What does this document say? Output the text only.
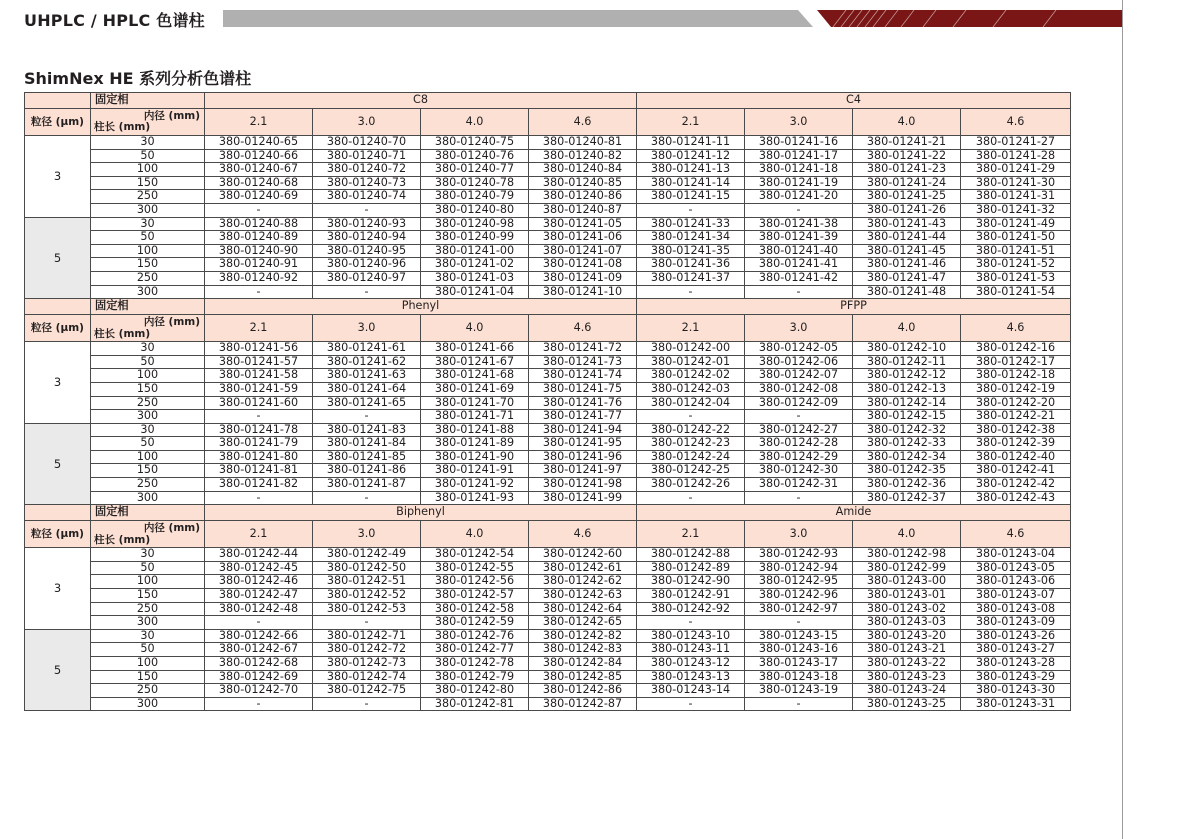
UHPLC / HPLC 色谱柱
ShimNex HE 系列分析色谱柱
	固定相	C8				C4			
粒径 (µm)	内径 (mm)
柱长 (mm)	2.1	3.0	4.0	4.6	2.1	3.0	4.0	4.6
3	30	380-01240-65	380-01240-70	380-01240-75	380-01240-81	380-01241-11	380-01241-16	380-01241-21	380-01241-27
	50	380-01240-66	380-01240-71	380-01240-76	380-01240-82	380-01241-12	380-01241-17	380-01241-22	380-01241-28
	100	380-01240-67	380-01240-72	380-01240-77	380-01240-84	380-01241-13	380-01241-18	380-01241-23	380-01241-29
	150	380-01240-68	380-01240-73	380-01240-78	380-01240-85	380-01241-14	380-01241-19	380-01241-24	380-01241-30
	250	380-01240-69	380-01240-74	380-01240-79	380-01240-86	380-01241-15	380-01241-20	380-01241-25	380-01241-31
	300	-	-	380-01240-80	380-01240-87	-	-	380-01241-26	380-01241-32
5	30	380-01240-88	380-01240-93	380-01240-98	380-01241-05	380-01241-33	380-01241-38	380-01241-43	380-01241-49
	50	380-01240-89	380-01240-94	380-01240-99	380-01241-06	380-01241-34	380-01241-39	380-01241-44	380-01241-50
	100	380-01240-90	380-01240-95	380-01241-00	380-01241-07	380-01241-35	380-01241-40	380-01241-45	380-01241-51
	150	380-01240-91	380-01240-96	380-01241-02	380-01241-08	380-01241-36	380-01241-41	380-01241-46	380-01241-52
	250	380-01240-92	380-01240-97	380-01241-03	380-01241-09	380-01241-37	380-01241-42	380-01241-47	380-01241-53
	300	-	-	380-01241-04	380-01241-10	-	-	380-01241-48	380-01241-54
	固定相	Phenyl				PFPP			
粒径 (µm)	内径 (mm)
柱长 (mm)	2.1	3.0	4.0	4.6	2.1	3.0	4.0	4.6
3	30	380-01241-56	380-01241-61	380-01241-66	380-01241-72	380-01242-00	380-01242-05	380-01242-10	380-01242-16
	50	380-01241-57	380-01241-62	380-01241-67	380-01241-73	380-01242-01	380-01242-06	380-01242-11	380-01242-17
	100	380-01241-58	380-01241-63	380-01241-68	380-01241-74	380-01242-02	380-01242-07	380-01242-12	380-01242-18
	150	380-01241-59	380-01241-64	380-01241-69	380-01241-75	380-01242-03	380-01242-08	380-01242-13	380-01242-19
	250	380-01241-60	380-01241-65	380-01241-70	380-01241-76	380-01242-04	380-01242-09	380-01242-14	380-01242-20
	300	-	-	380-01241-71	380-01241-77	-	-	380-01242-15	380-01242-21
5	30	380-01241-78	380-01241-83	380-01241-88	380-01241-94	380-01242-22	380-01242-27	380-01242-32	380-01242-38
	50	380-01241-79	380-01241-84	380-01241-89	380-01241-95	380-01242-23	380-01242-28	380-01242-33	380-01242-39
	100	380-01241-80	380-01241-85	380-01241-90	380-01241-96	380-01242-24	380-01242-29	380-01242-34	380-01242-40
	150	380-01241-81	380-01241-86	380-01241-91	380-01241-97	380-01242-25	380-01242-30	380-01242-35	380-01242-41
	250	380-01241-82	380-01241-87	380-01241-92	380-01241-98	380-01242-26	380-01242-31	380-01242-36	380-01242-42
	300	-	-	380-01241-93	380-01241-99	-	-	380-01242-37	380-01242-43
	固定相	Biphenyl				Amide			
粒径 (µm)	内径 (mm)
柱长 (mm)	2.1	3.0	4.0	4.6	2.1	3.0	4.0	4.6
3	30	380-01242-44	380-01242-49	380-01242-54	380-01242-60	380-01242-88	380-01242-93	380-01242-98	380-01243-04
	50	380-01242-45	380-01242-50	380-01242-55	380-01242-61	380-01242-89	380-01242-94	380-01242-99	380-01243-05
	100	380-01242-46	380-01242-51	380-01242-56	380-01242-62	380-01242-90	380-01242-95	380-01243-00	380-01243-06
	150	380-01242-47	380-01242-52	380-01242-57	380-01242-63	380-01242-91	380-01242-96	380-01243-01	380-01243-07
	250	380-01242-48	380-01242-53	380-01242-58	380-01242-64	380-01242-92	380-01242-97	380-01243-02	380-01243-08
	300	-	-	380-01242-59	380-01242-65	-	-	380-01243-03	380-01243-09
5	30	380-01242-66	380-01242-71	380-01242-76	380-01242-82	380-01243-10	380-01243-15	380-01243-20	380-01243-26
	50	380-01242-67	380-01242-72	380-01242-77	380-01242-83	380-01243-11	380-01243-16	380-01243-21	380-01243-27
	100	380-01242-68	380-01242-73	380-01242-78	380-01242-84	380-01243-12	380-01243-17	380-01243-22	380-01243-28
	150	380-01242-69	380-01242-74	380-01242-79	380-01242-85	380-01243-13	380-01243-18	380-01243-23	380-01243-29
	250	380-01242-70	380-01242-75	380-01242-80	380-01242-86	380-01243-14	380-01243-19	380-01243-24	380-01243-30
	300	-	-	380-01242-81	380-01242-87	-	-	380-01243-25	380-01243-31
